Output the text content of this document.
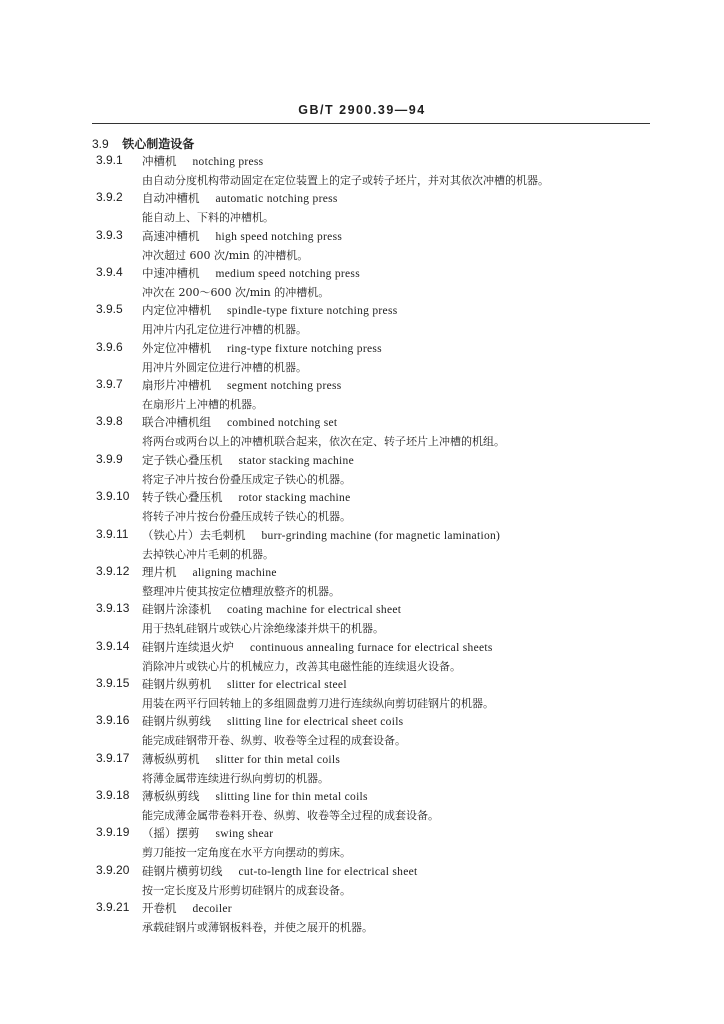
GB/T 2900.39—94
3.9 铁心制造设备
3.9.1 冲槽机 notching press
由自动分度机构带动固定在定位装置上的定子或转子坯片，并对其依次冲槽的机器。
3.9.2 自动冲槽机 automatic notching press
能自动上、下料的冲槽机。
3.9.3 高速冲槽机 high speed notching press
冲次超过 600 次/min 的冲槽机。
3.9.4 中速冲槽机 medium speed notching press
冲次在 200～600 次/min 的冲槽机。
3.9.5 内定位冲槽机 spindle-type fixture notching press
用冲片内孔定位进行冲槽的机器。
3.9.6 外定位冲槽机 ring-type fixture notching press
用冲片外圆定位进行冲槽的机器。
3.9.7 扇形片冲槽机 segment notching press
在扇形片上冲槽的机器。
3.9.8 联合冲槽机组 combined notching set
将两台或两台以上的冲槽机联合起来，依次在定、转子坯片上冲槽的机组。
3.9.9 定子铁心叠压机 stator stacking machine
将定子冲片按台份叠压成定子铁心的机器。
3.9.10 转子铁心叠压机 rotor stacking machine
将转子冲片按台份叠压成转子铁心的机器。
3.9.11 （铁心片）去毛刺机 burr-grinding machine (for magnetic lamination)
去掉铁心冲片毛刺的机器。
3.9.12 理片机 aligning machine
整理冲片使其按定位槽理放整齐的机器。
3.9.13 硅钢片涂漆机 coating machine for electrical sheet
用于热轧硅钢片或铁心片涂绝缘漆并烘干的机器。
3.9.14 硅钢片连续退火炉 continuous annealing furnace for electrical sheets
消除冲片或铁心片的机械应力，改善其电磁性能的连续退火设备。
3.9.15 硅钢片纵剪机 slitter for electrical steel
用装在两平行回转轴上的多组圆盘剪刀进行连续纵向剪切硅钢片的机器。
3.9.16 硅钢片纵剪线 slitting line for electrical sheet coils
能完成硅钢带开卷、纵剪、收卷等全过程的成套设备。
3.9.17 薄板纵剪机 slitter for thin metal coils
将薄金属带连续进行纵向剪切的机器。
3.9.18 薄板纵剪线 slitting line for thin metal coils
能完成薄金属带卷料开卷、纵剪、收卷等全过程的成套设备。
3.9.19 （摇）摆剪 swing shear
剪刀能按一定角度在水平方向摆动的剪床。
3.9.20 硅钢片横剪切线 cut-to-length line for electrical sheet
按一定长度及片形剪切硅钢片的成套设备。
3.9.21 开卷机 decoiler
承载硅钢片或薄钢板料卷，并使之展开的机器。
